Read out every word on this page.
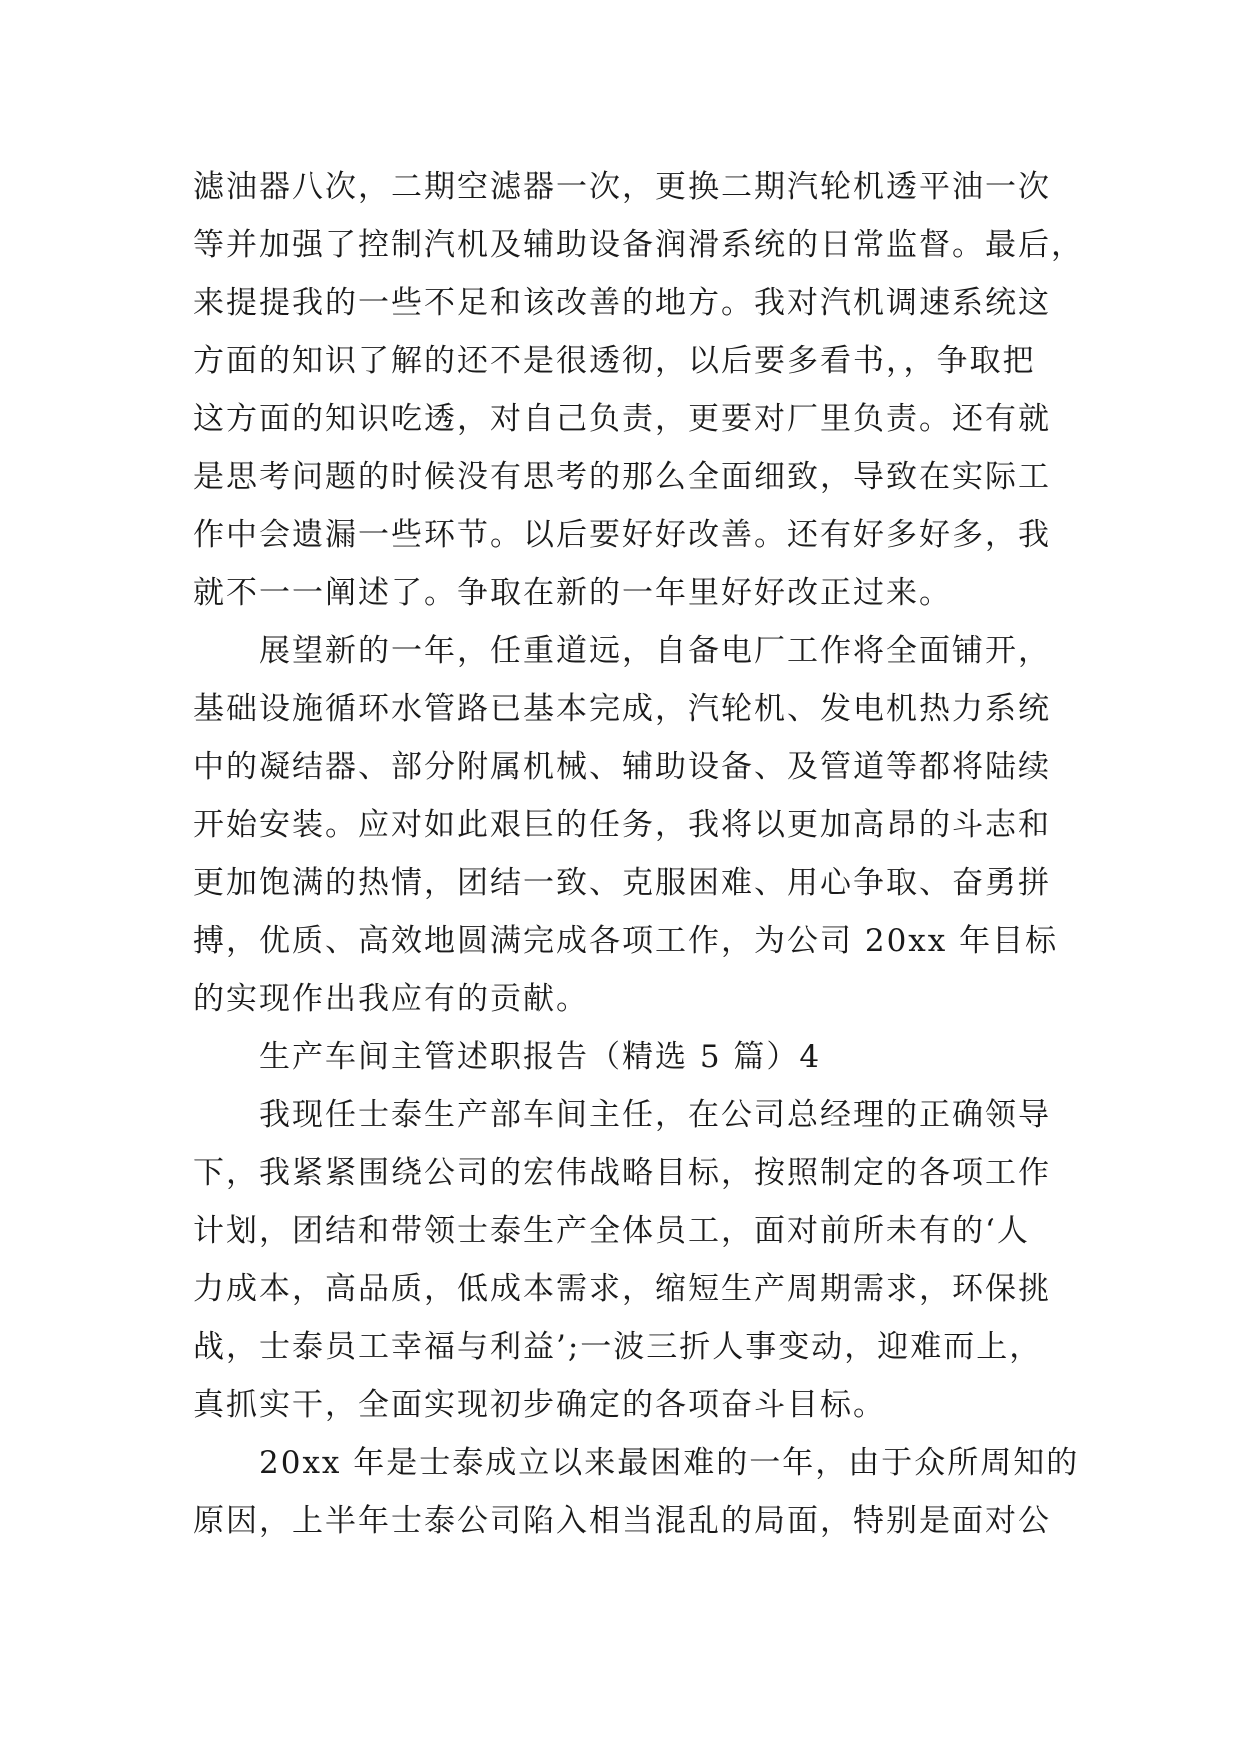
滤油器八次，二期空滤器一次，更换二期汽轮机透平油一次
等并加强了控制汽机及辅助设备润滑系统的日常监督。最后，
来提提我的一些不足和该改善的地方。我对汽机调速系统这
方面的知识了解的还不是很透彻，以后要多看书，，争取把
这方面的知识吃透，对自己负责，更要对厂里负责。还有就
是思考问题的时候没有思考的那么全面细致，导致在实际工
作中会遗漏一些环节。以后要好好改善。还有好多好多，我
就不一一阐述了。争取在新的一年里好好改正过来。
展望新的一年，任重道远，自备电厂工作将全面铺开，
基础设施循环水管路已基本完成，汽轮机、发电机热力系统
中的凝结器、部分附属机械、辅助设备、及管道等都将陆续
开始安装。应对如此艰巨的任务，我将以更加高昂的斗志和
更加饱满的热情，团结一致、克服困难、用心争取、奋勇拼
搏，优质、高效地圆满完成各项工作，为公司 20xx 年目标
的实现作出我应有的贡献。
生产车间主管述职报告（精选 5 篇）4
我现任士泰生产部车间主任，在公司总经理的正确领导
下，我紧紧围绕公司的宏伟战略目标，按照制定的各项工作
计划，团结和带领士泰生产全体员工，面对前所未有的‘人
力成本，高品质，低成本需求，缩短生产周期需求，环保挑
战，士泰员工幸福与利益’;一波三折人事变动，迎难而上，
真抓实干，全面实现初步确定的各项奋斗目标。
20xx 年是士泰成立以来最困难的一年，由于众所周知的
原因，上半年士泰公司陷入相当混乱的局面，特别是面对公
